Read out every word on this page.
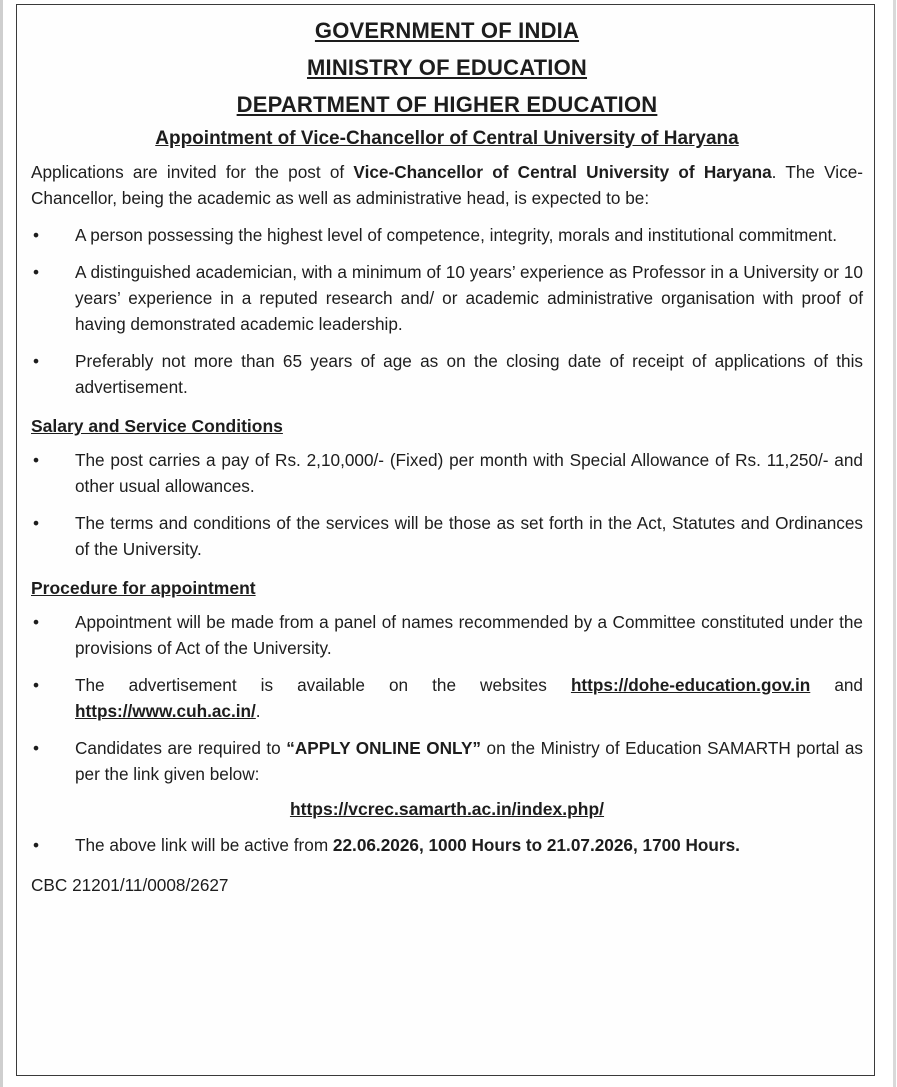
GOVERNMENT OF INDIA
MINISTRY OF EDUCATION
DEPARTMENT OF HIGHER EDUCATION
Appointment of Vice-Chancellor of Central University of Haryana

Applications are invited for the post of Vice-Chancellor of Central University of Haryana. The Vice-Chancellor, being the academic as well as administrative head, is expected to be:

• A person possessing the highest level of competence, integrity, morals and institutional commitment.
• A distinguished academician, with a minimum of 10 years’ experience as Professor in a University or 10 years’ experience in a reputed research and/ or academic administrative organisation with proof of having demonstrated academic leadership.
• Preferably not more than 65 years of age as on the closing date of receipt of applications of this advertisement.
Salary and Service Conditions
• The post carries a pay of Rs. 2,10,000/- (Fixed) per month with Special Allowance of Rs. 11,250/- and other usual allowances.
• The terms and conditions of the services will be those as set forth in the Act, Statutes and Ordinances of the University.
Procedure for appointment
• Appointment will be made from a panel of names recommended by a Committee constituted under the provisions of Act of the University.
• The advertisement is available on the websites https://dohe-education.gov.in and https://www.cuh.ac.in/.
• Candidates are required to “APPLY ONLINE ONLY” on the Ministry of Education SAMARTH portal as per the link given below:
https://vcrec.samarth.ac.in/index.php/
• The above link will be active from 22.06.2026, 1000 Hours to 21.07.2026, 1700 Hours.
CBC 21201/11/0008/2627
